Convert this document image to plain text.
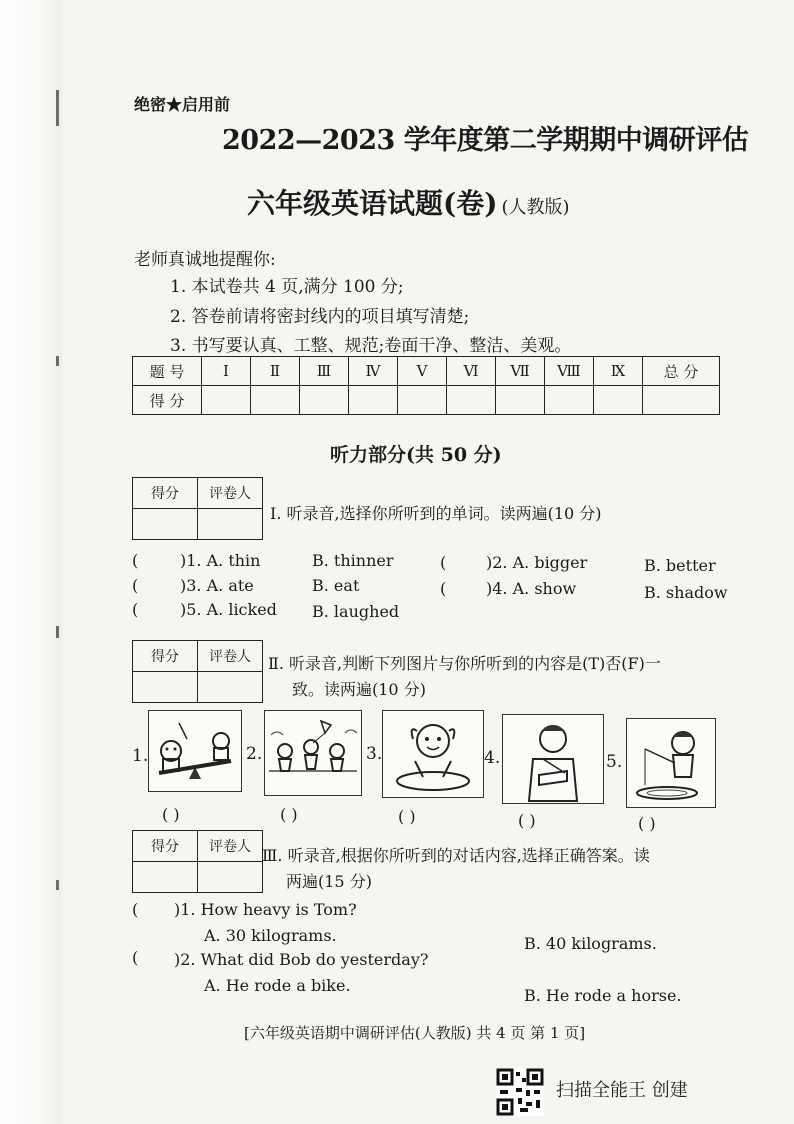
绝密★启用前
2022—2023 学年度第二学期期中调研评估
六年级英语试题(卷) (人教版)
老师真诚地提醒你:
1. 本试卷共 4 页,满分 100 分;
2. 答卷前请将密封线内的项目填写清楚;
3. 书写要认真、工整、规范;卷面干净、整洁、美观。
题 号	Ⅰ	Ⅱ	Ⅲ	Ⅳ	Ⅴ	Ⅵ	Ⅶ	Ⅷ	Ⅸ	总 分
得 分										
听力部分(共 50 分)
得分	评卷人

Ⅰ. 听录音,选择你所听到的单词。读两遍(10 分)
(	)1. A. thin	B. thinner	( )2. A. bigger	B. better
(	)3. A. ate	B. eat	( )4. A. show	B. shadow
(	)5. A. licked B. laughed
得分	评卷人
	Ⅱ. 听录音,判断下列图片与你所听到的内容是(T)否(F)一
致。读两遍(10 分)
1.	2.	3.	4.	5.
( )	( )	( )	( )	( )
得分	评卷人
	Ⅲ. 听录音,根据你所听到的对话内容,选择正确答案。读
两遍(15 分)
( )1. How heavy is Tom?
A. 30 kilograms.	B. 40 kilograms.
( )2. What did Bob do yesterday?
A. He rode a bike.
B. He rode a horse.
[六年级英语期中调研评估(人教版) 共 4 页 第 1 页]
扫描全能王 创建
